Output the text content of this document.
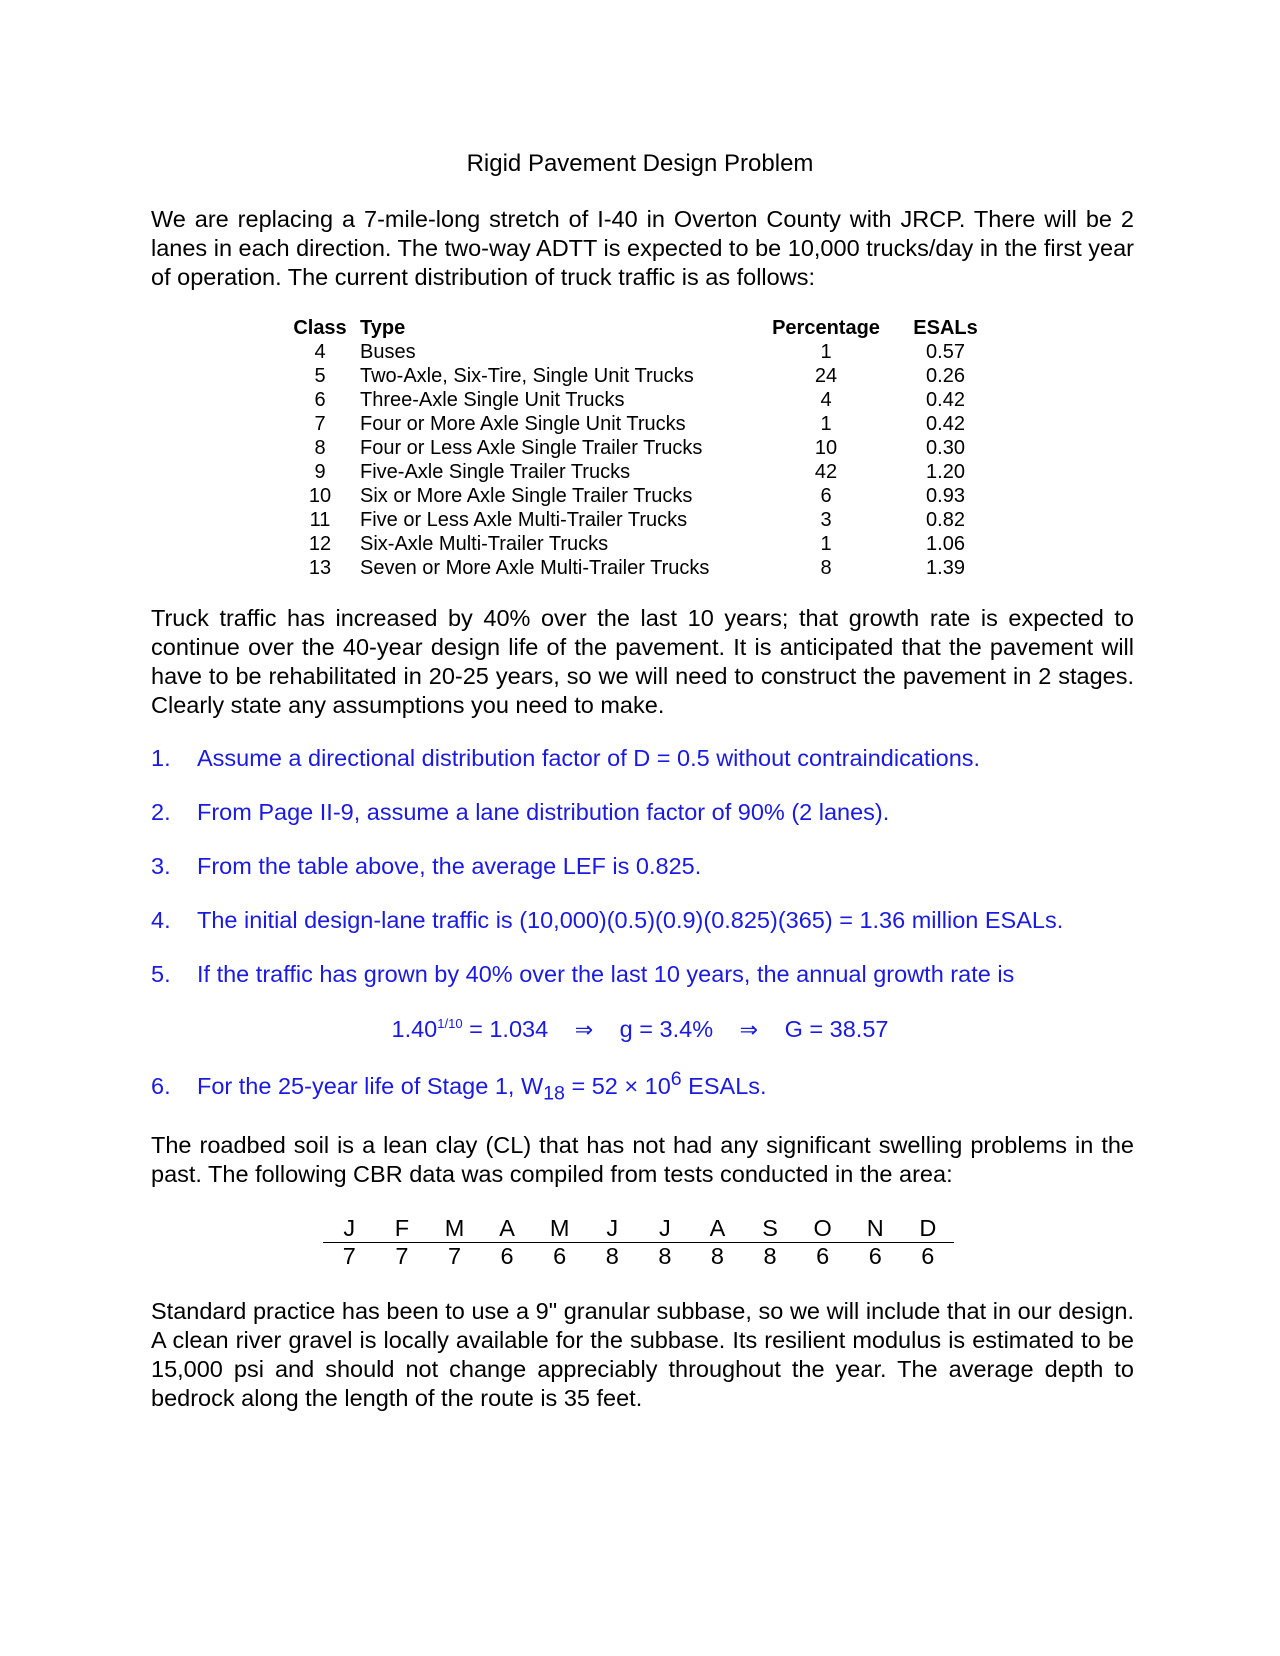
Rigid Pavement Design Problem

We are replacing a 7-mile-long stretch of I-40 in Overton County with JRCP. There will be 2 lanes in each direction. The two-way ADTT is expected to be 10,000 trucks/day in the first year of operation. The current distribution of truck traffic is as follows:

Class	Type	Percentage	ESALs
4	Buses	1	0.57
5	Two-Axle, Six-Tire, Single Unit Trucks	24	0.26
6	Three-Axle Single Unit Trucks	4	0.42
7	Four or More Axle Single Unit Trucks	1	0.42
8	Four or Less Axle Single Trailer Trucks	10	0.30
9	Five-Axle Single Trailer Trucks	42	1.20
10	Six or More Axle Single Trailer Trucks	6	0.93
11	Five or Less Axle Multi-Trailer Trucks	3	0.82
12	Six-Axle Multi-Trailer Trucks	1	1.06
13	Seven or More Axle Multi-Trailer Trucks	8	1.39

Truck traffic has increased by 40% over the last 10 years; that growth rate is expected to continue over the 40-year design life of the pavement. It is anticipated that the pavement will have to be rehabilitated in 20-25 years, so we will need to construct the pavement in 2 stages. Clearly state any assumptions you need to make.

1. Assume a directional distribution factor of D = 0.5 without contraindications.
2. From Page II-9, assume a lane distribution factor of 90% (2 lanes).
3. From the table above, the average LEF is 0.825.
4. The initial design-lane traffic is (10,000)(0.5)(0.9)(0.825)(365) = 1.36 million ESALs.
5. If the traffic has grown by 40% over the last 10 years, the annual growth rate is
$1.40^{1/10} = 1.034$ ⇒ g = 3.4% ⇒ G = 38.57
6. For the 25-year life of Stage 1, $W_{18} = 52 \times 10^6$ ESALs.

The roadbed soil is a lean clay (CL) that has not had any significant swelling problems in the past. The following CBR data was compiled from tests conducted in the area:

J	F	M	A	M	J	J	A	S	O	N	D
7	7	7	6	6	8	8	8	8	6	6	6

Standard practice has been to use a 9" granular subbase, so we will include that in our design. A clean river gravel is locally available for the subbase. Its resilient modulus is estimated to be 15,000 psi and should not change appreciably throughout the year. The average depth to bedrock along the length of the route is 35 feet.
